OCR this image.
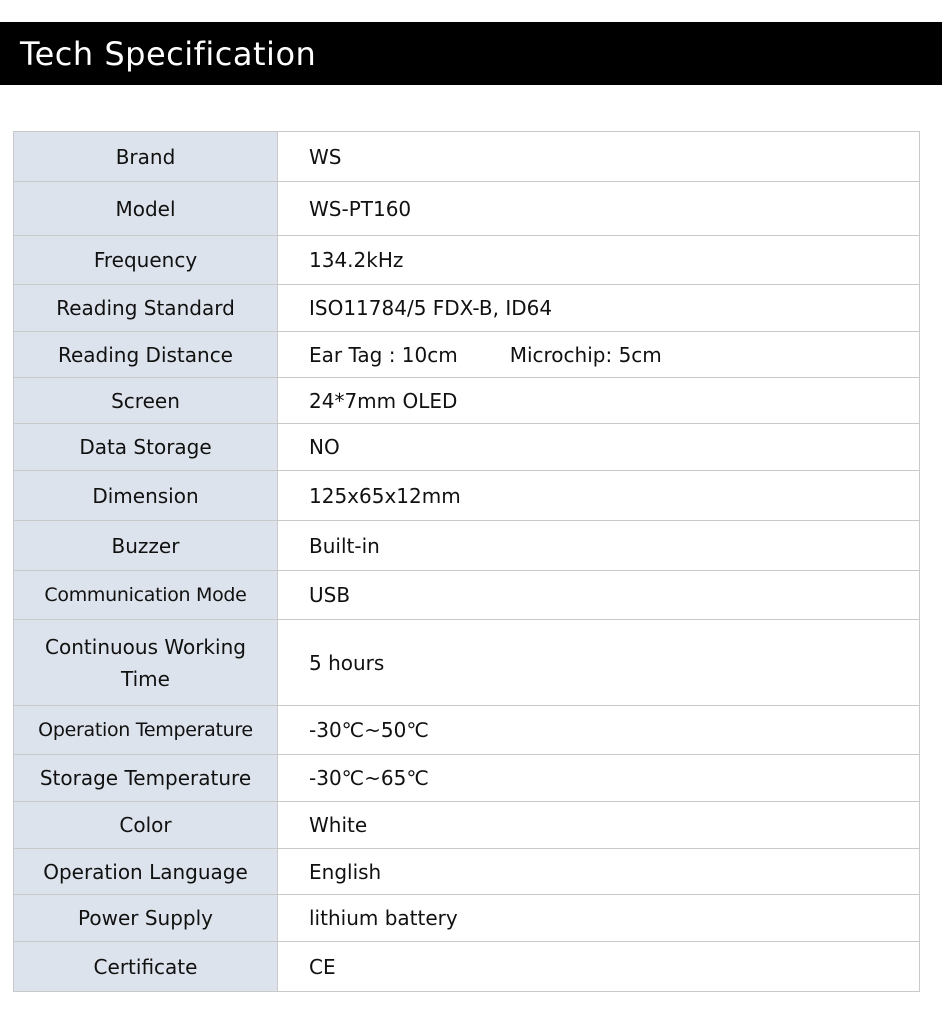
Tech Specification
Brand	WS
Model	WS-PT160
Frequency	134.2kHz
Reading Standard	ISO11784/5 FDX-B, ID64
Reading Distance	Ear Tag : 10cm Microchip: 5cm
Screen	24*7mm OLED
Data Storage	NO
Dimension	125x65x12mm
Buzzer	Built-in
Communication Mode	USB
Continuous Working Time	5 hours
Operation Temperature	-30℃~50℃
Storage Temperature	-30℃~65℃
Color	White
Operation Language	English
Power Supply	lithium battery
Certificate	CE
